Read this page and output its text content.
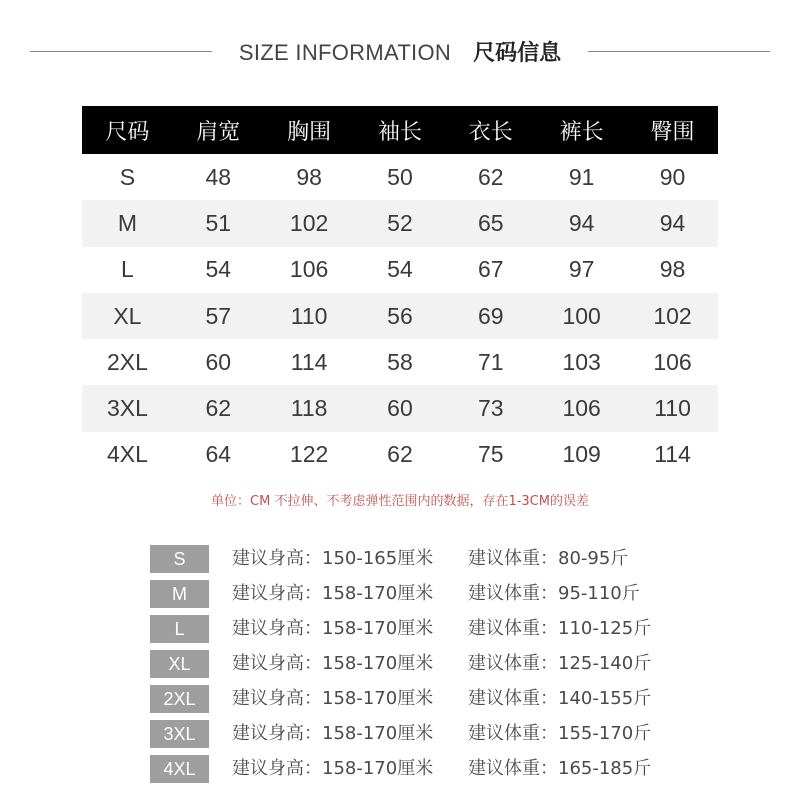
SIZE INFORMATION 尺码信息
尺码	肩宽	胸围	袖长	衣长	裤长	臀围
S	48	98	50	62	91	90
M	51	102	52	65	94	94
L	54	106	54	67	97	98
XL	57	110	56	69	100	102
2XL	60	114	58	71	103	106
3XL	62	118	60	73	106	110
4XL	64	122	62	75	109	114
单位：CM 不拉伸、不考虑弹性范围内的数据，存在1-3CM的误差
S	建议身高：150-165厘米 建议体重：80-95斤
M	建议身高：158-170厘米 建议体重：95-110斤
L	建议身高：158-170厘米 建议体重：110-125斤
XL	建议身高：158-170厘米 建议体重：125-140斤
2XL	建议身高：158-170厘米 建议体重：140-155斤
3XL	建议身高：158-170厘米 建议体重：155-170斤
4XL	建议身高：158-170厘米 建议体重：165-185斤
